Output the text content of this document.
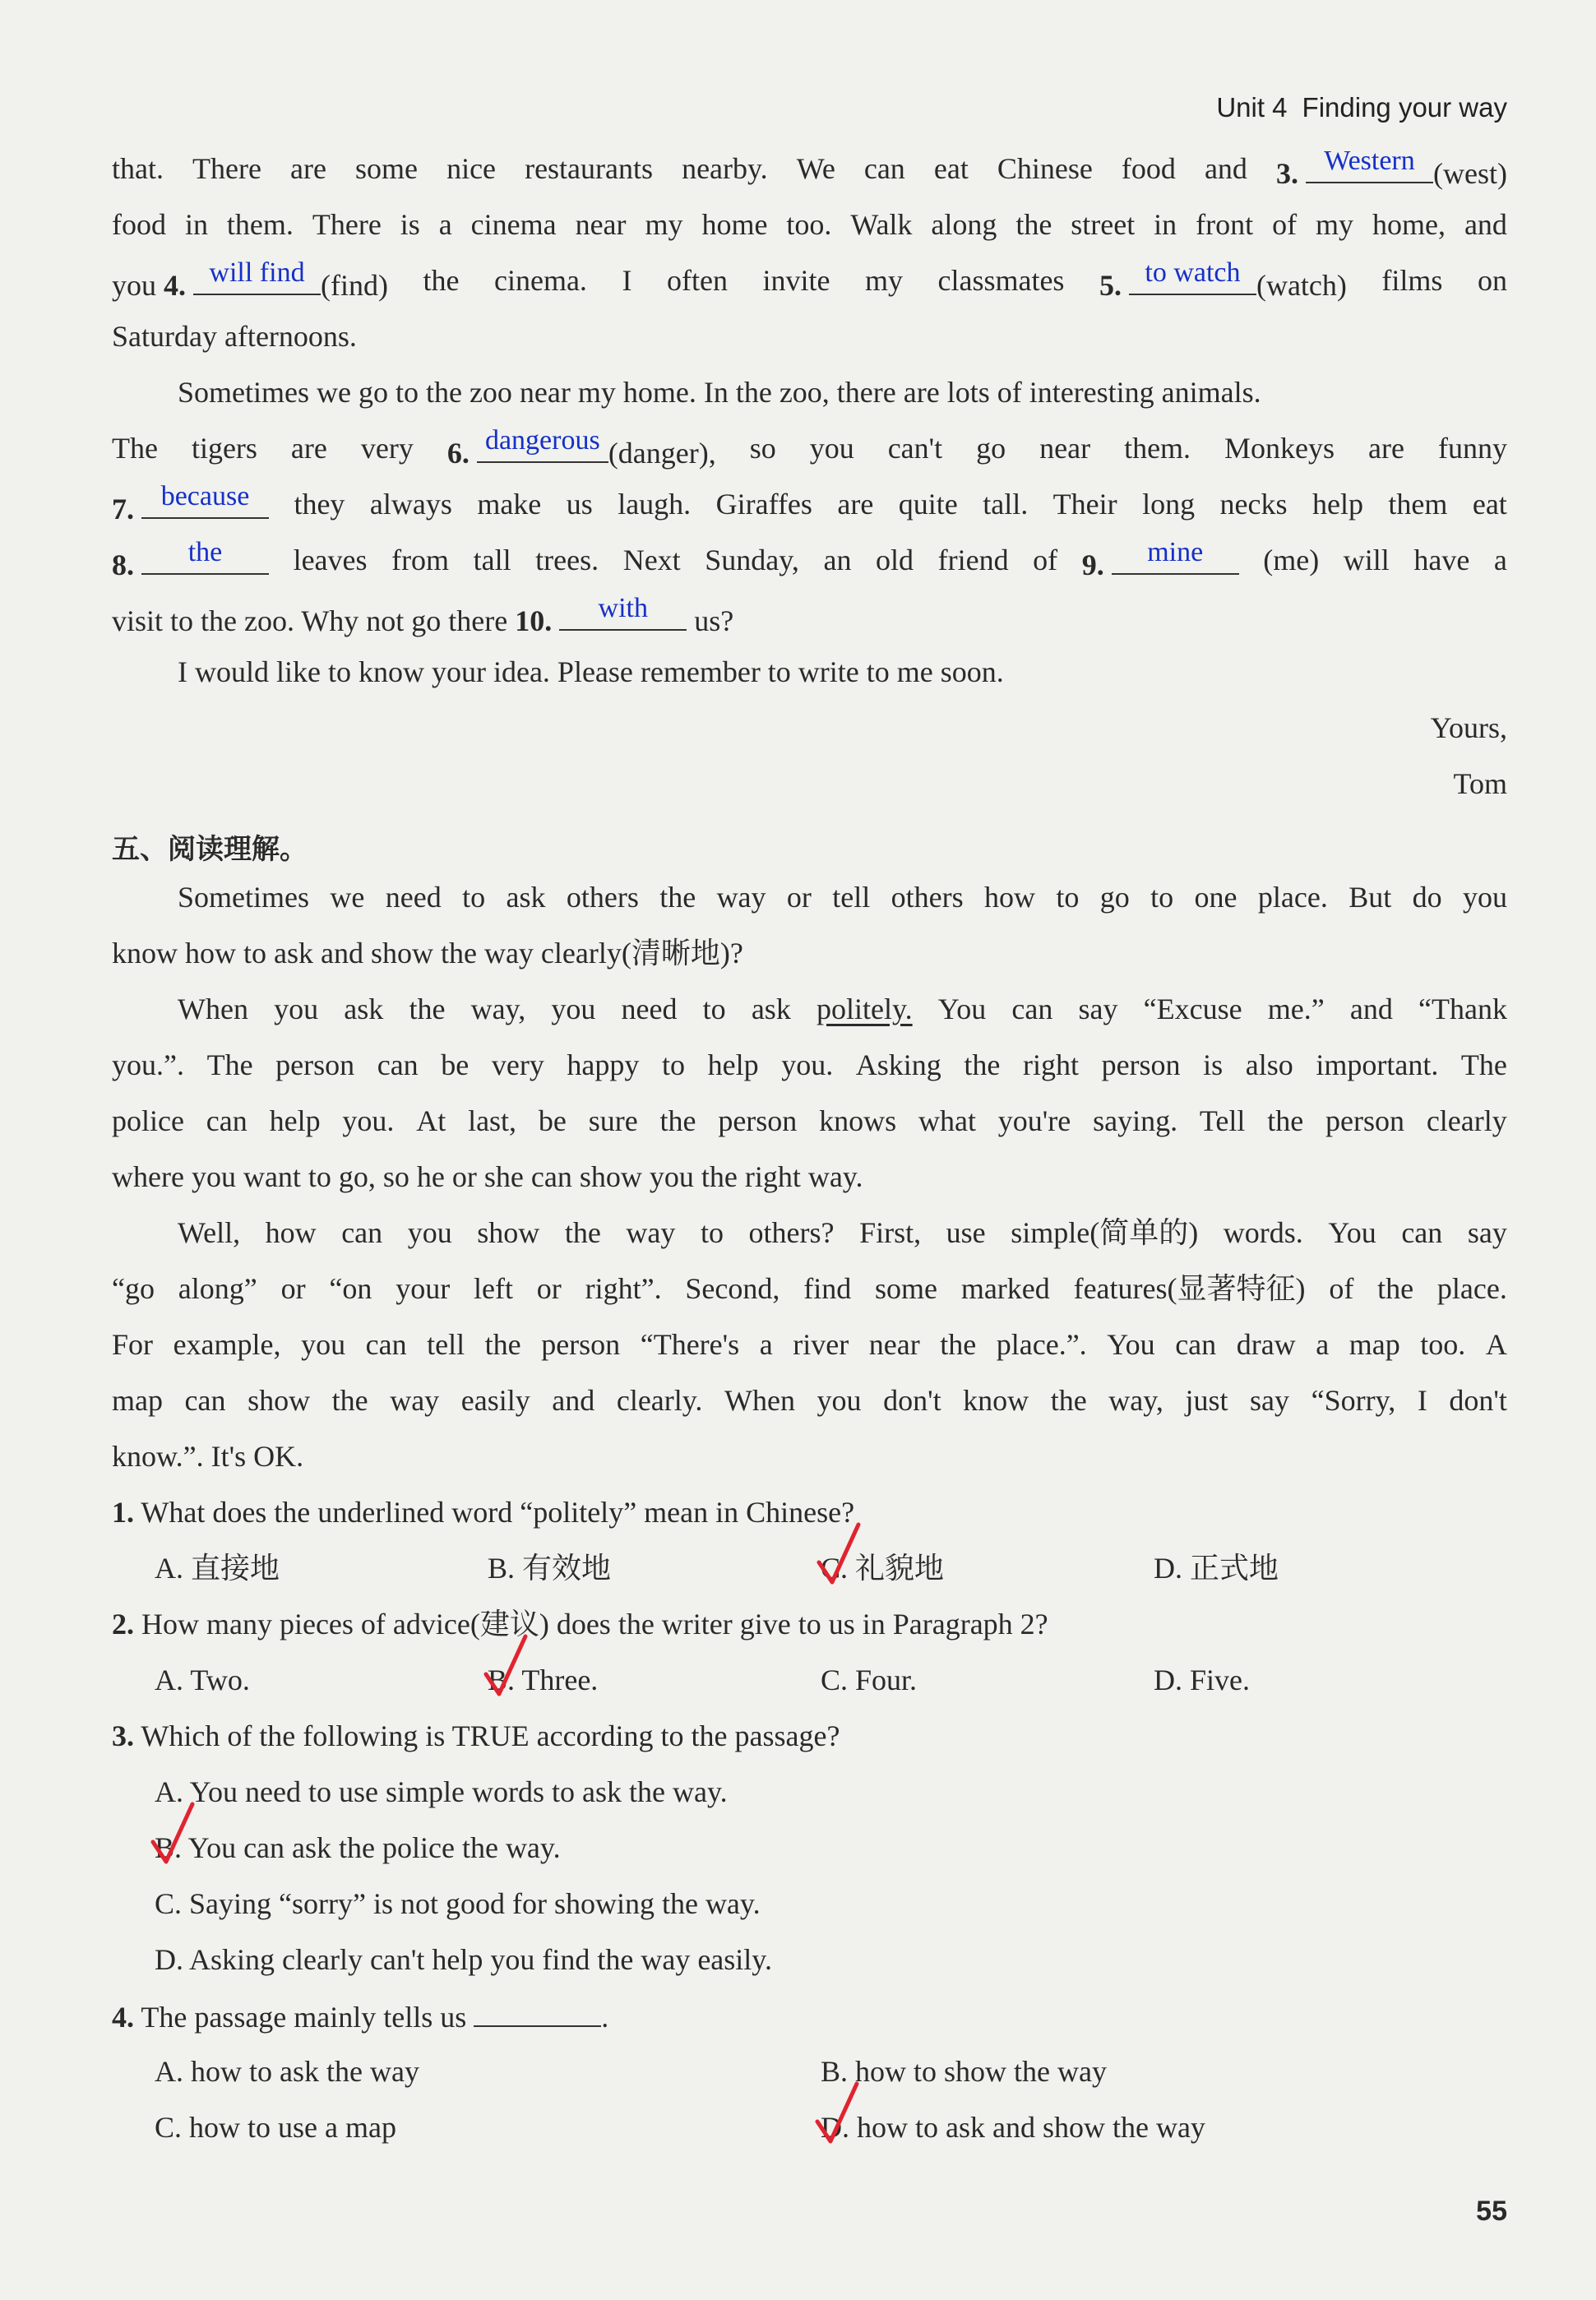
Unit 4 Finding your way
that. There are some nice restaurants nearby. We can eat Chinese food and 3. Western (west)
food in them. There is a cinema near my home too. Walk along the street in front of my home, and
you 4. will find (find) the cinema. I often invite my classmates 5. to watch (watch) films on
Saturday afternoons.
Sometimes we go to the zoo near my home. In the zoo, there are lots of interesting animals.
The tigers are very 6. dangerous (danger), so you can't go near them. Monkeys are funny
7. because	they always make us laugh. Giraffes are quite tall. Their long necks help them eat
8.	the	leaves from tall trees. Next Sunday, an old friend of 9.	mine	(me) will have a
visit to the zoo. Why not go there 10.	with	us?
I would like to know your idea. Please remember to write to me soon.
Yours,
Tom
五、阅读理解。
Sometimes we need to ask others the way or tell others how to go to one place. But do you
know how to ask and show the way clearly(清晰地)?
When you ask the way, you need to ask politely. You can say “Excuse me.” and “Thank
you.”. The person can be very happy to help you. Asking the right person is also important. The
police can help you. At last, be sure the person knows what you're saying. Tell the person clearly
where you want to go, so he or she can show you the right way.
Well, how can you show the way to others? First, use simple(简单的) words. You can say
“go along” or “on your left or right”. Second, find some marked features(显著特征) of the place.
For example, you can tell the person “There's a river near the place.”. You can draw a map too. A
map can show the way easily and clearly. When you don't know the way, just say “Sorry, I don't
know.”. It's OK.
1. What does the underlined word “politely” mean in Chinese?
A. 直接地	B. 有效地	C. 礼貌地	D. 正式地
2. How many pieces of advice(建议) does the writer give to us in Paragraph 2?
A. Two.	B. Three.	C. Four.	D. Five.
3. Which of the following is TRUE according to the passage?
A. You need to use simple words to ask the way.
B. You can ask the police the way.
C. Saying “sorry” is not good for showing the way.
D. Asking clearly can't help you find the way easily.
4. The passage mainly tells us	.
A. how to ask the way	B. how to show the way
C. how to use a map	D. how to ask and show the way
55
